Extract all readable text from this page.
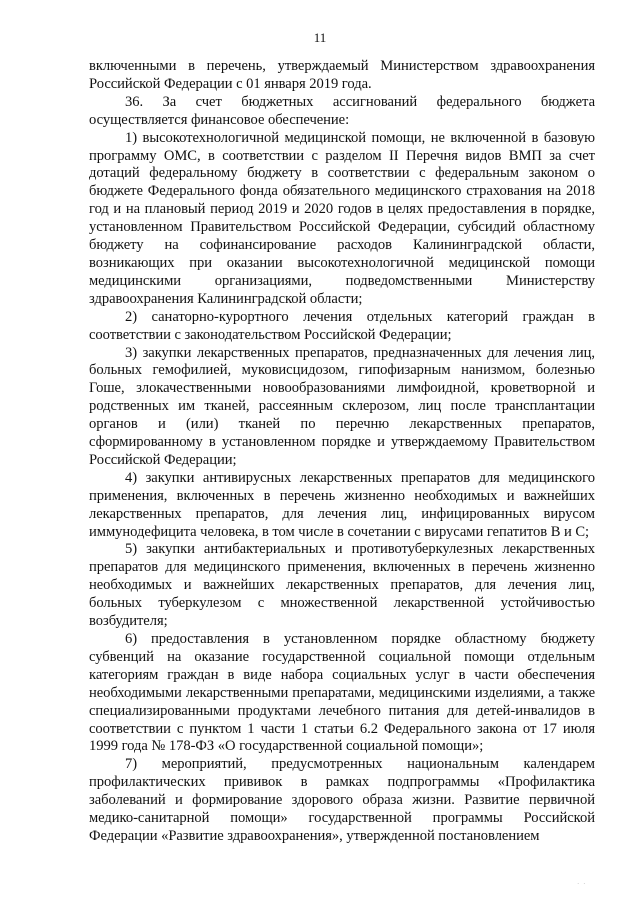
11

включенными в перечень, утверждаемый Министерством здравоохранения Российской Федерации с 01 января 2019 года.

36. За счет бюджетных ассигнований федерального бюджета осуществляется финансовое обеспечение:

1) высокотехнологичной медицинской помощи, не включенной в базовую программу ОМС, в соответствии с разделом II Перечня видов ВМП за счет дотаций федеральному бюджету в соответствии с федеральным законом о бюджете Федерального фонда обязательного медицинского страхования на 2018 год и на плановый период 2019 и 2020 годов в целях предоставления в порядке, установленном Правительством Российской Федерации, субсидий областному бюджету на софинансирование расходов Калининградской области, возникающих при оказании высокотехнологичной медицинской помощи медицинскими организациями, подведомственными Министерству здравоохранения Калининградской области;

2) санаторно-курортного лечения отдельных категорий граждан в соответствии с законодательством Российской Федерации;

3) закупки лекарственных препаратов, предназначенных для лечения лиц, больных гемофилией, муковисцидозом, гипофизарным нанизмом, болезнью Гоше, злокачественными новообразованиями лимфоидной, кроветворной и родственных им тканей, рассеянным склерозом, лиц после трансплантации органов и (или) тканей по перечню лекарственных препаратов, сформированному в установленном порядке и утверждаемому Правительством Российской Федерации;

4) закупки антивирусных лекарственных препаратов для медицинского применения, включенных в перечень жизненно необходимых и важнейших лекарственных препаратов, для лечения лиц, инфицированных вирусом иммунодефицита человека, в том числе в сочетании с вирусами гепатитов B и C;

5) закупки антибактериальных и противотуберкулезных лекарственных препаратов для медицинского применения, включенных в перечень жизненно необходимых и важнейших лекарственных препаратов, для лечения лиц, больных туберкулезом с множественной лекарственной устойчивостью возбудителя;

6) предоставления в установленном порядке областному бюджету субвенций на оказание государственной социальной помощи отдельным категориям граждан в виде набора социальных услуг в части обеспечения необходимыми лекарственными препаратами, медицинскими изделиями, а также специализированными продуктами лечебного питания для детей-инвалидов в соответствии с пунктом 1 части 1 статьи 6.2 Федерального закона от 17 июля 1999 года № 178-ФЗ «О государственной социальной помощи»;

7) мероприятий, предусмотренных национальным календарем профилактических прививок в рамках подпрограммы «Профилактика заболеваний и формирование здорового образа жизни. Развитие первичной медико-санитарной помощи» государственной программы Российской Федерации «Развитие здравоохранения», утвержденной постановлением

· ·
